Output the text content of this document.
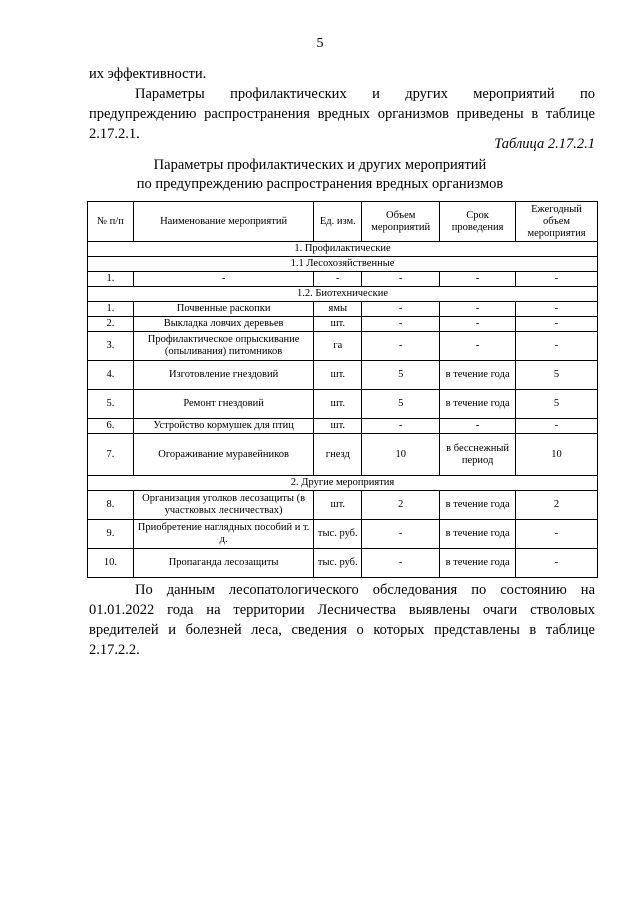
5
их эффективности.
Параметры профилактических и других мероприятий по
предупреждению распространения вредных организмов приведены в таблице
2.17.2.1.
Таблица 2.17.2.1
Параметры профилактических и других мероприятий
по предупреждению распространения вредных организмов
№ п/п	Наименование мероприятий	Ед. изм.	Объем мероприятий	Срок проведения	Ежегодный объем мероприятия
1. Профилактические					
1.1 Лесохозяйственные					
1.	-	-	-	-	-
1.2. Биотехнические					
1.	Почвенные раскопки	ямы	-	-	-
2.	Выкладка ловчих деревьев	шт.	-	-	-
3.	Профилактическое опрыскивание (опыливания) питомников	га	-	-	-
4.	Изготовление гнездовий	шт.	5	в течение года	5
5.	Ремонт гнездовий	шт.	5	в течение года	5
6.	Устройство кормушек для птиц	шт.	-	-	-
7.	Огораживание муравейников	гнезд	10	в бесснежный период	10
2. Другие мероприятия					
8.	Организация уголков лесозащиты (в участковых лесничествах)	шт.	2	в течение года	2
9.	Приобретение наглядных пособий и т. д.	тыс. руб.	-	в течение года	-
10.	Пропаганда лесозащиты	тыс. руб.	-	в течение года	-
По данным лесопатологического обследования по состоянию на
01.01.2022 года на территории Лесничества выявлены очаги стволовых
вредителей и болезней леса, сведения о которых представлены в таблице
2.17.2.2.
